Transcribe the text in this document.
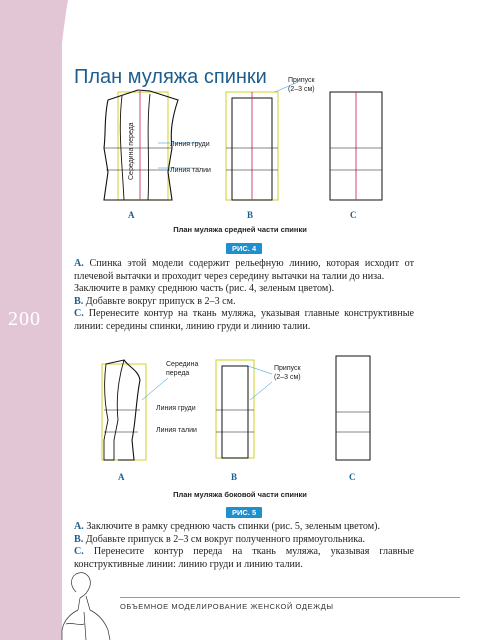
200
План муляжа спинки
Середина переда	Линия груди
Линия талии
Припуск
(2–3 см)
A	B	C
План муляжа средней части спинки
РИС. 4

A. Спинка этой модели содержит рельефную линию, которая исходит от плечевой вытачки и проходит через середину вытачки на талии до низа.

Заключите в рамку среднюю часть (рис. 4, зеленым цветом).

B. Добавьте вокруг припуск в 2–3 см.

C. Перенесите контур на ткань муляжа, указывая главные конструктивные линии: середины спинки, линию груди и линию талии.

Середина
переда
Линия груди
Линия талии
Припуск
(2–3 см)
A	B	C
План муляжа боковой части спинки
РИС. 5

A. Заключите в рамку среднюю часть спинки (рис. 5, зеленым цветом).

B. Добавьте припуск в 2–3 см вокруг полученного прямоугольника.

C. Перенесите контур переда на ткань муляжа, указывая главные конструктивные линии: линию груди и линию талии.

ОБЪЕМНОЕ МОДЕЛИРОВАНИЕ ЖЕНСКОЙ ОДЕЖДЫ
